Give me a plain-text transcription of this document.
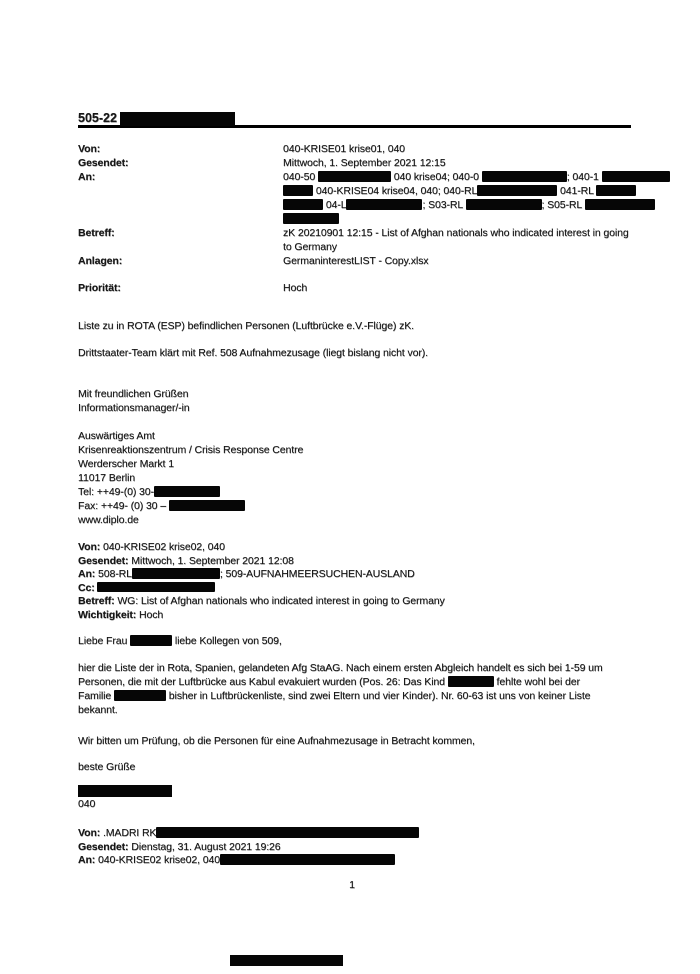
505-22
Von:	040-KRISE01 krise01, 040
Gesendet:	Mittwoch, 1. September 2021 12:15
An:	040-50	040 krise04; 040-0	; 040-1
040-KRISE04 krise04, 040; 040-RL	041-RL
04-L	; S03-RL	; S05-RL
Betreff:	zK 20210901 12:15 - List of Afghan nationals who indicated interest in going to Germany
Anlagen:	GermaninterestLIST - Copy.xlsx
Priorität:	Hoch
Liste zu in ROTA (ESP) befindlichen Personen (Luftbrücke e.V.-Flüge) zK.
Drittstaater-Team klärt mit Ref. 508 Aufnahmezusage (liegt bislang nicht vor).
Mit freundlichen Grüßen
Informationsmanager/-in
Auswärtiges Amt
Krisenreaktionszentrum / Crisis Response Centre
Werderscher Markt 1
11017 Berlin
Tel: ++49-(0) 30-
Fax: ++49- (0) 30 –
www.diplo.de
Von: 040-KRISE02 krise02, 040
Gesendet: Mittwoch, 1. September 2021 12:08
An: 508-RL	; 509-AUFNAHMEERSUCHEN-AUSLAND
Cc:
Betreff: WG: List of Afghan nationals who indicated interest in going to Germany
Wichtigkeit: Hoch
Liebe Frau	liebe Kollegen von 509,
hier die Liste der in Rota, Spanien, gelandeten Afg StaAG. Nach einem ersten Abgleich handelt es sich bei 1-59 um
Personen, die mit der Luftbrücke aus Kabul evakuiert wurden (Pos. 26: Das Kind	fehlte wohl bei der
Familie	bisher in Luftbrückenliste, sind zwei Eltern und vier Kinder). Nr. 60-63 ist uns von keiner Liste
bekannt.
Wir bitten um Prüfung, ob die Personen für eine Aufnahmezusage in Betracht kommen,
beste Grüße
040
Von: .MADRI RK
Gesendet: Dienstag, 31. August 2021 19:26
An: 040-KRISE02 krise02, 040
1
